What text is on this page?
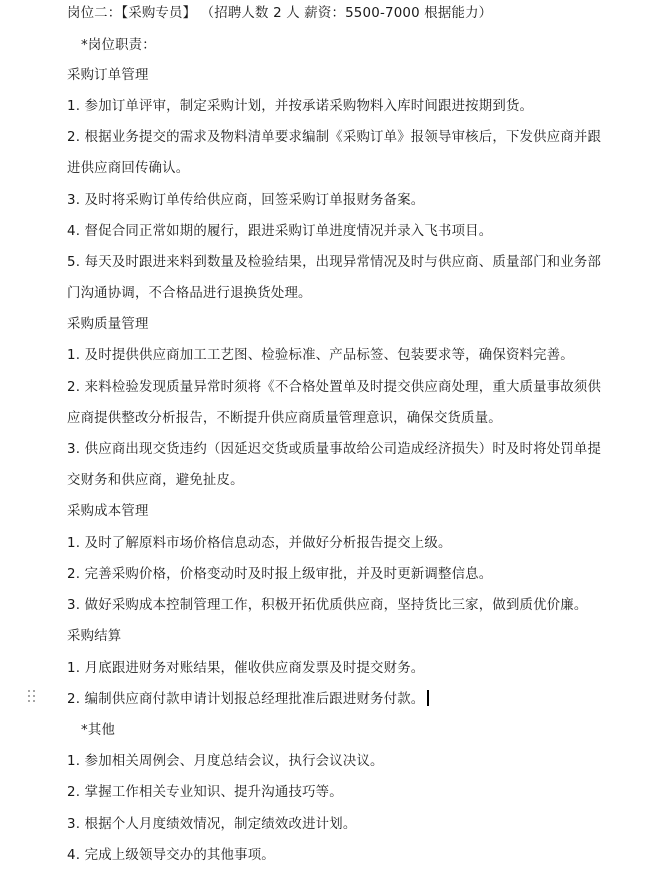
岗位二：【采购专员】 （招聘人数 2 人 薪资：5500-7000 根据能力）
*岗位职责：
采购订单管理
1. 参加订单评审，制定采购计划，并按承诺采购物料入库时间跟进按期到货。
2. 根据业务提交的需求及物料清单要求编制《采购订单》报领导审核后，下发供应商并跟
进供应商回传确认。
3. 及时将采购订单传给供应商，回签采购订单报财务备案。
4. 督促合同正常如期的履行，跟进采购订单进度情况并录入飞书项目。
5. 每天及时跟进来料到数量及检验结果，出现异常情况及时与供应商、质量部门和业务部
门沟通协调，不合格品进行退换货处理。
采购质量管理
1. 及时提供供应商加工工艺图、检验标准、产品标签、包装要求等，确保资料完善。
2. 来料检验发现质量异常时须将《不合格处置单及时提交供应商处理，重大质量事故须供
应商提供整改分析报告，不断提升供应商质量管理意识，确保交货质量。
3. 供应商出现交货违约（因延迟交货或质量事故给公司造成经济损失）时及时将处罚单提
交财务和供应商，避免扯皮。
采购成本管理
1. 及时了解原料市场价格信息动态，并做好分析报告提交上级。
2. 完善采购价格，价格变动时及时报上级审批，并及时更新调整信息。
3. 做好采购成本控制管理工作，积极开拓优质供应商，坚持货比三家，做到质优价廉。
采购结算
1. 月底跟进财务对账结果，催收供应商发票及时提交财务。
2. 编制供应商付款申请计划报总经理批准后跟进财务付款。
*其他
1. 参加相关周例会、月度总结会议，执行会议决议。
2. 掌握工作相关专业知识、提升沟通技巧等。
3. 根据个人月度绩效情况，制定绩效改进计划。
4. 完成上级领导交办的其他事项。
